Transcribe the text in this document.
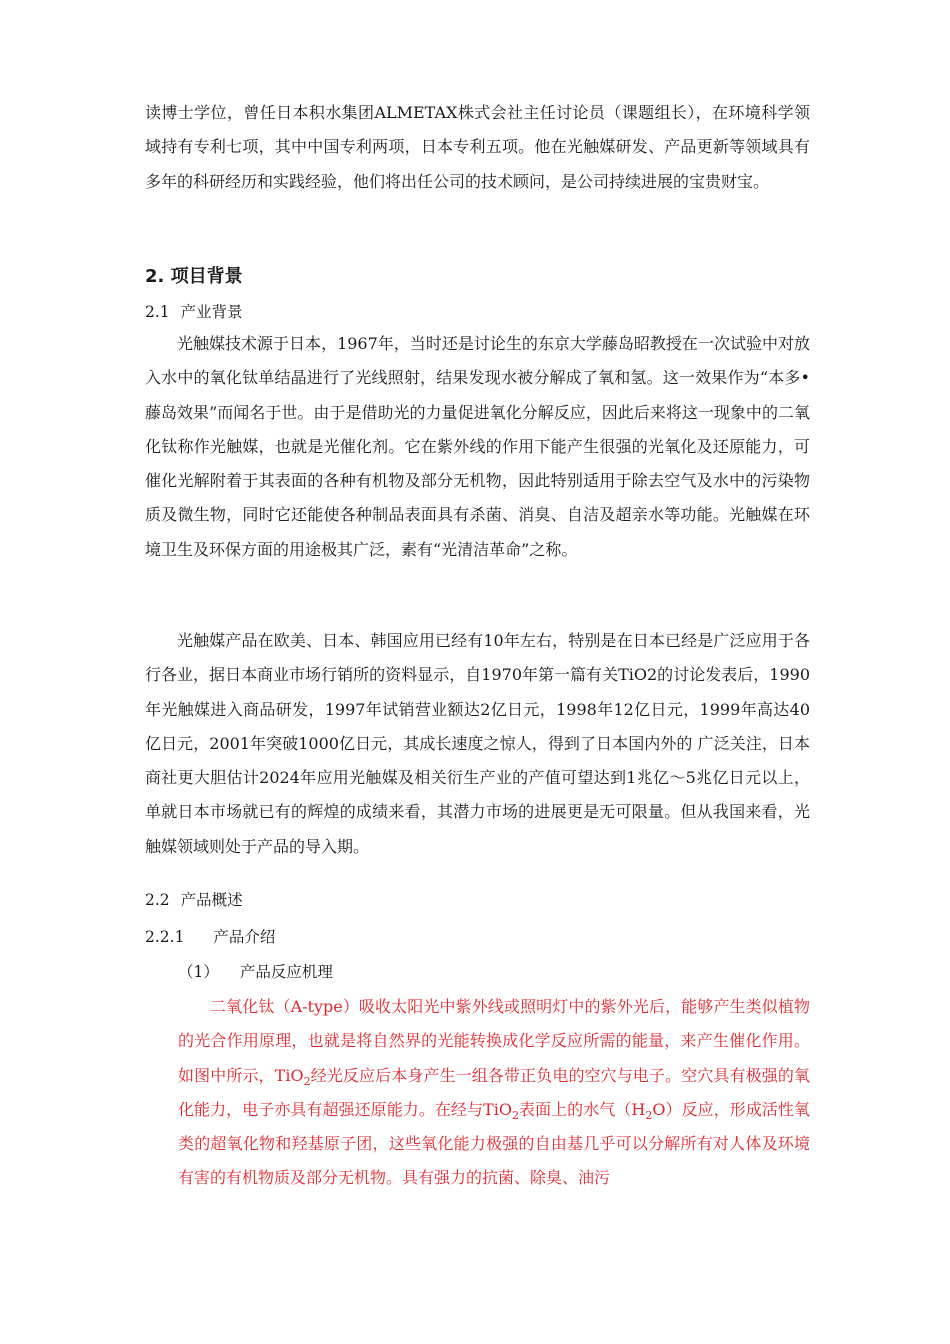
读博士学位，曾任日本积水集团ALMETAX株式会社主任讨论员（课题组长），在环境科学领域持有专利七项，其中中国专利两项，日本专利五项。他在光触媒研发、产品更新等领域具有多年的科研经历和实践经验，他们将出任公司的技术顾问，是公司持续进展的宝贵财宝。

2. 项目背景
2.1 产业背景

光触媒技术源于日本，1967年，当时还是讨论生的东京大学藤岛昭教授在一次试验中对放入水中的氧化钛单结晶进行了光线照射，结果发现水被分解成了氧和氢。这一效果作为“本多•藤岛效果”而闻名于世。由于是借助光的力量促进氧化分解反应，因此后来将这一现象中的二氧化钛称作光触媒，也就是光催化剂。它在紫外线的作用下能产生很强的光氧化及还原能力，可催化光解附着于其表面的各种有机物及部分无机物，因此特别适用于除去空气及水中的污染物质及微生物，同时它还能使各种制品表面具有杀菌、消臭、自洁及超亲水等功能。光触媒在环境卫生及环保方面的用途极其广泛，素有“光清洁革命”之称。

光触媒产品在欧美、日本、韩国应用已经有10年左右，特别是在日本已经是广泛应用于各行各业，据日本商业市场行销所的资料显示，自1970年第一篇有关TiO2的讨论发表后，1990年光触媒进入商品研发，1997年试销营业额达2亿日元，1998年12亿日元，1999年高达40亿日元，2001年突破1000亿日元，其成长速度之惊人，得到了日本国内外的 广泛关注，日本商社更大胆估计2024年应用光触媒及相关衍生产业的产值可望达到1兆亿～5兆亿日元以上，单就日本市场就已有的辉煌的成绩来看，其潜力市场的进展更是无可限量。但从我国来看，光触媒领域则处于产品的导入期。

2.2 产品概述
2.2.1 产品介绍
（1） 产品反应机理

二氧化钛（A-type）吸收太阳光中紫外线或照明灯中的紫外光后，能够产生类似植物的光合作用原理，也就是将自然界的光能转换成化学反应所需的能量，来产生催化作用。如图中所示，TiO$_2$经光反应后本身产生一组各带正负电的空穴与电子。空穴具有极强的氧化能力，电子亦具有超强还原能力。在经与TiO$_2$表面上的水气$(H_2O)$反应，形成活性氧类的超氧化物和羟基原子团，这些氧化能力极强的自由基几乎可以分解所有对人体及环境有害的有机物质及部分无机物。具有强力的抗菌、除臭、油污
